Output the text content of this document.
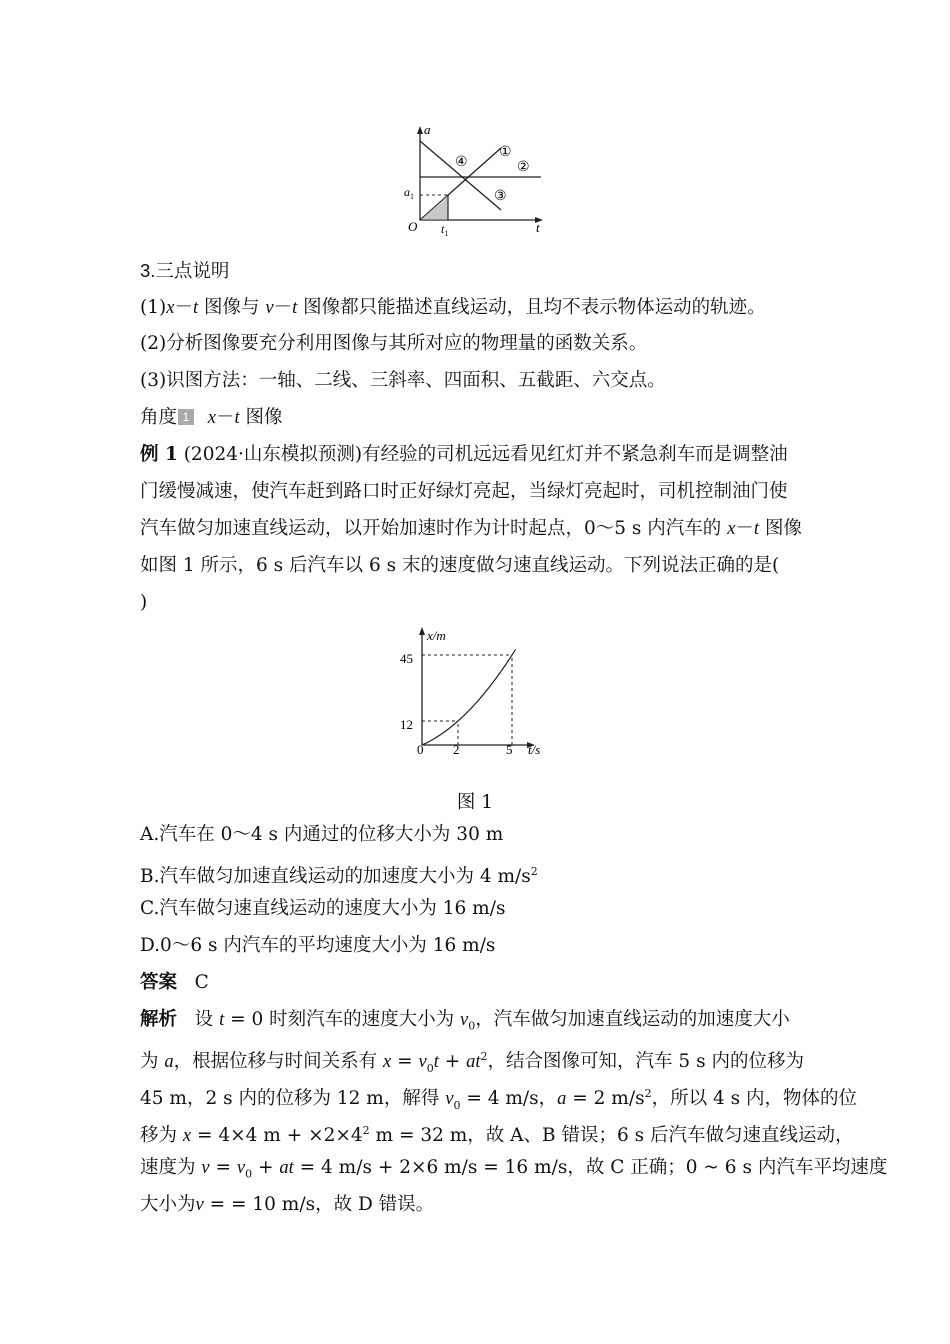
a
t
O
$a_1$
$t_1$
①
②
③
④
3.三点说明
(1)x－t 图像与 v－t 图像都只能描述直线运动，且均不表示物体运动的轨迹。
(2)分析图像要充分利用图像与其所对应的物理量的函数关系。
(3)识图方法：一轴、二线、三斜率、四面积、五截距、六交点。
角度 1 x－t 图像
例 1 (2024·山东模拟预测)有经验的司机远远看见红灯并不紧急刹车而是调整油
门缓慢减速，使汽车赶到路口时正好绿灯亮起，当绿灯亮起时，司机控制油门使
汽车做匀加速直线运动，以开始加速时作为计时起点，0～5 s 内汽车的 x－t 图像
如图 1 所示，6 s 后汽车以 6 s 末的速度做匀速直线运动。下列说法正确的是(
)
x/m
t/s
45
12
0 2	5
图 1
A.汽车在 0～4 s 内通过的位移大小为 30 m
B.汽车做匀加速直线运动的加速度大小为 4 $m/s^2$
C.汽车做匀速直线运动的速度大小为 16 m/s
D.0～6 s 内汽车的平均速度大小为 16 m/s
答案 C
解析 设 t = 0 时刻汽车的速度大小为 $v_0$，汽车做匀加速直线运动的加速度大小
为 a，根据位移与时间关系有 $x = v_0t + at^2$，结合图像可知，汽车 5 s 内的位移为
45 m，2 s 内的位移为 12 m，解得 $v_0 = 4$ m/s，a = 2 $m/s^2$，所以 4 s 内，物体的位
移为 x = 4×4 $m + \times 2\times 4^2$ m = 32 m，故 A、B 错误；6 s 后汽车做匀速直线运动，
速度为 $v = v_0$ + at = 4 m/s + 2×6 m/s = 16 m/s，故 C 正确；0 ~ 6 s 内汽车平均速度
大小为v = = 10 m/s，故 D 错误。
